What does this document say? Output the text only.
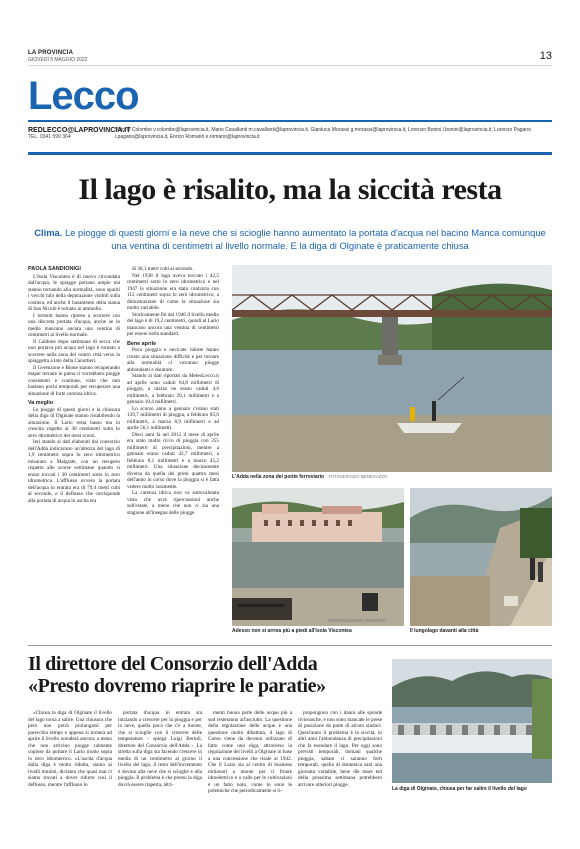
LA PROVINCIA
GIOVEDÌ 5 MAGGIO 2022	13
Lecco
REDLECCO@LAPROVINCIA.IT
TEL. 0341 599 364
Vittorio Colombo v.colombo@laprovincia.it, Mario Cavallanti m.cavallanti@laprovincia.it, Gianluca Morassi g.morassi@laprovincia.it, Lorenzo Bonini l.bonini@laprovincia.it, Lorenzo Pagano l.pagano@laprovincia.it, Enrico Romanò e.romano@laprovincia.it
Il lago è risalito, ma la siccità resta
Clima. Le piogge di questi giorni e la neve che si scioglie hanno aumentato la portata d'acqua nel bacino Manca comunque una ventina di centimetri al livello normale. E la diga di Olginate è praticamente chiusa
PAOLA SANDIONIGI

L'Isola Viscontea è di nuovo circondata dall'acqua, le spiagge portano ampie ma stanno tornando alla normalità, sono spariti i vecchi tubi della depurazione visibili sulla costiera, ed anche il basamento della statua di San Nicolò è tornato in ammollo.

I torrenti hanno ripreso a scorrere con una discreta portata d'acqua, anche se in media mancano ancora una ventina di centimetri al livello normale.

Il Caldone dopo settimane di secca che non portava più acqua nel lago è tornato a scorrere nella zona del centro città verso la spiaggetta a lato della Canottieri.

Il Gerenzone e Bione stanno recuperando maper tornare in piena ci vorrebbero piogge consistenti e continue, visto che non bastano pochi temporali per recuperare una situazione di forte carenza idrica.

Va meglio

Le piogge di questi giorni e la chiusura della diga di Olginate stanno ristabilendo la situazione. Il Lario resta basso ma in crescita rispetto ai 30 centimetri sotto lo zero idrometrico dei mesi scorsi.

Ieri stando ai dati elaborati dal consorzio dell'Adda indicavano un'altezza del lago di 1,9 centimetri sopra lo zero idrometrico misurato a Malgrate, con un recupero rispetto alle scorse settimane quando si erano toccati i 30 centimetri sotto lo zero idrometrico. L'afflusso ovvero la portata dell'acqua in entrata era di 79,4 metri cubi al secondo, e il deflusso che corrisponde alla portata di acqua in uscita era

di 36,1 metri cubi al secondo.

Nel 1938 il lago aveva toccato i 42,5 centimetri sotto lo zero idrometrico e nel 1947 la situazione era stata contraria con 112 centimetri sopra lo zero idrometrico, a dimostrazione di come la situazione sia molto variabile.

Storicamente fin dal 1946 il livello medio del lago è di 19,2 centimetri, quindi al Lario mancano ancora una ventina di centimetri per essere nella standard.

Bene aprile

Poca pioggia e nevicate ridotte hanno creato una situazione difficile e per tornare alla normalità ci vorranno piogge abbondanti e durature.

Stando ai dati riportati da MeteoLecco.it ad aprile sono caduti 64,8 millimetri di pioggia, a marzo ne erano caduti 4,6 millimetri, a febbraio 20,1 millimetri e a gennaio 10,4 millimetri.

Lo scorso anno a gennaio c'erano stati 139,7 millimetri di pioggia, a febbraio 85,6 millimetri, a marzo 8,9 millimetri e ad aprile 56,1 millimetri.

Dieci anni fa nel 2012 il mese di aprile era stato molto ricco di pioggia con 255 millimetri di precipitazioni, mentre a gennaio erano caduti 42,7 millimetri, a febbraio 8,1 millimetri e a marzo 45,2 millimetri. Una situazione decisamente diversa da quella dei primi quattro mesi dell'anno in corso dove la pioggia si è fatta vedere molto raramente.

La carenza idrica non va sottovalutata visto che avrà ripercussioni anche sull'estate, a meno che non ci sia una stagione all'insegna delle piogge.

L'Adda nella zona del ponte ferroviario FOTOSERVIZIO MENEGAZZO
©RIPRODUZIONE RISERVATA
Adesso non si arriva più a piedi all'Isola Viscontea	Il lungolago davanti alla città
Il direttore del Consorzio dell'Adda
«Presto dovremo riaprire le paratie»

«Chiusa la diga di Olginate il livello del lago torna a salire. Una chiusura che però non potrà prolungarsi per parecchio tempo e appena si tornerà ad aprire il livello scenderà ancora, a meno che non arrivino piogge talmente copiose da portare il Lario molto sopra lo zero idrometrico. «L'uscita d'acqua dalla diga è molto ridotta, siamo ai livelli minimi, diciamo che quasi mai ci siamo trovati a dover ridurre così il deflusso, mentre l'afflusso lo

portata d'acqua in entrata sta iniziando a crescere per la pioggia e per la neve, quella poca che c'è a monte, che si scioglie con il crescere delle temperature - spiega Luigi Bertoli, direttore del Consorzio dell'Adda -. La stretta sulla diga sta facendo crescere in media di un centimetro al giorno il livello del lago, il resto dell'incremento è dovuto alla neve che si scioglie e alla pioggia. Il problema è che presto la diga dovrà essere riaperta, altri-

menti buona parte delle acque più a sud resteranno all'asciutto. La questione della regolazione delle acque è una questione molto dibattuta, il lago di Como viene da decenni utilizzato di fatto come una diga, attraverso la regolazione dei livelli a Olginate in base a una concessione che risale al 1942. Che il Lario sia al centro di business milionari a monte per il fronte idroelettrico e a valle per le coltivazioni è un fatto noto, come lo sono le polemiche che periodicamente si ri-

propongono con i danni alle sponde rivierasche, e non sono mancate le prese di posizione da parte di alcuni sindaci. Quest'anno il problema è la siccità, in altri anni l'abbondanza di precipitazioni che fa esondare il lago. Per oggi sono previsti temporali, domani qualche pioggia, sabato ci saranno forti temporali, quella di domenica sarà una giornata variabile, bene dle mare ted della prossima settimana potrebbero arrivare ulteriori piogge.

La diga di Olginate, chiusa per far salire il livello del lago
